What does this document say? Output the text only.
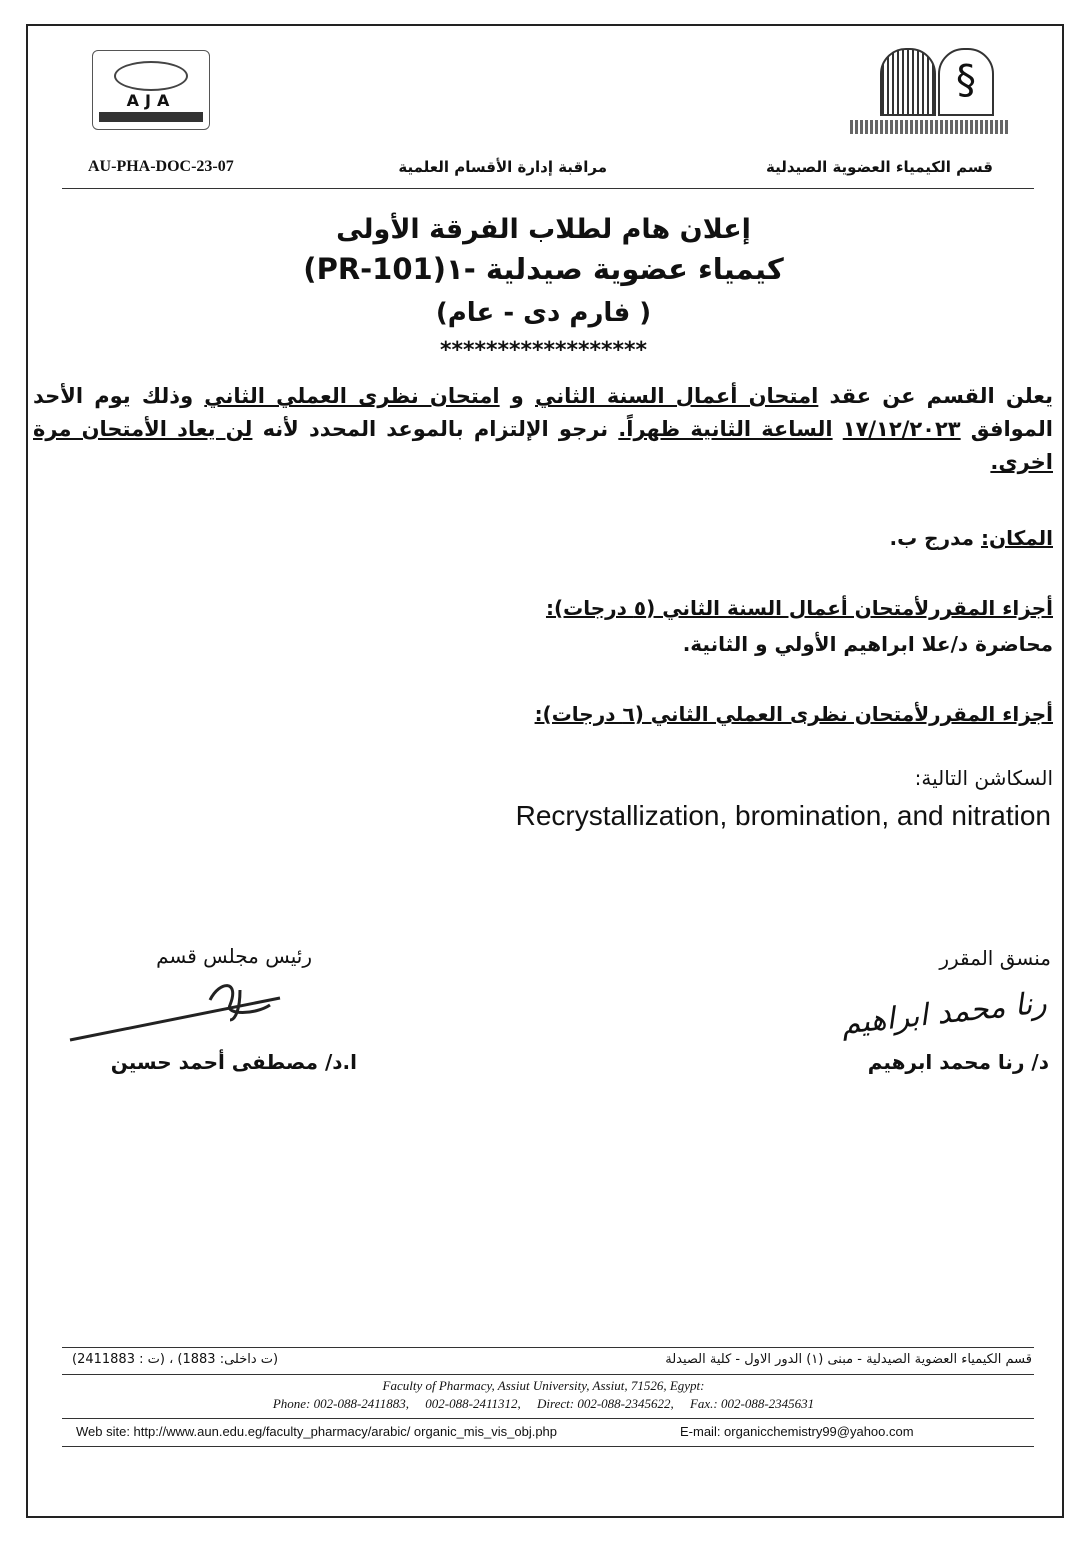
AJA	§
قسم الكيمياء العضوية الصيدلية
مراقبة إدارة الأقسام العلمية
AU-PHA-DOC-23-07
إعلان هام لطلاب الفرقة الأولى
كيمياء عضوية صيدلية -١(PR-101)
( فارم دى - عام)
******************
يعلن القسم عن عقد امتحان أعمال السنة الثاني و امتحان نظرى العملي الثاني وذلك يوم الأحد الموافق ١٧/١٢/٢٠٢٣ الساعة الثانية ظهراً. نرجو الإلتزام بالموعد المحدد لأنه لن يعاد الأمتحان مرة اخرى.
المكان: مدرج ب.
أجزاء المقررلأمتحان أعمال السنة الثاني (٥ درجات):
محاضرة د/علا ابراهيم الأولي و الثانية.
أجزاء المقررلأمتحان نظرى العملي الثاني (٦ درجات):
السكاشن التالية:
Recrystallization, bromination, and nitration
منسق المقرر
رنا محمد ابراهيم
د/ رنا محمد ابرهيم
رئيس مجلس قسم
ا.د/ مصطفى أحمد حسين
قسم الكيمياء العضوية الصيدلية - مبنى (١) الدور الاول - كلية الصيدلة
(ت داخلى: 1883) ، (ت : 2411883)
Faculty of Pharmacy, Assiut University, Assiut, 71526, Egypt:
Phone: 002-088-2411883,     002-088-2411312,     Direct: 002-088-2345622,     Fax.: 002-088-2345631
Web site: http://www.aun.edu.eg/faculty_pharmacy/arabic/ organic_mis_vis_obj.php	E-mail: organicchemistry99@yahoo.com
